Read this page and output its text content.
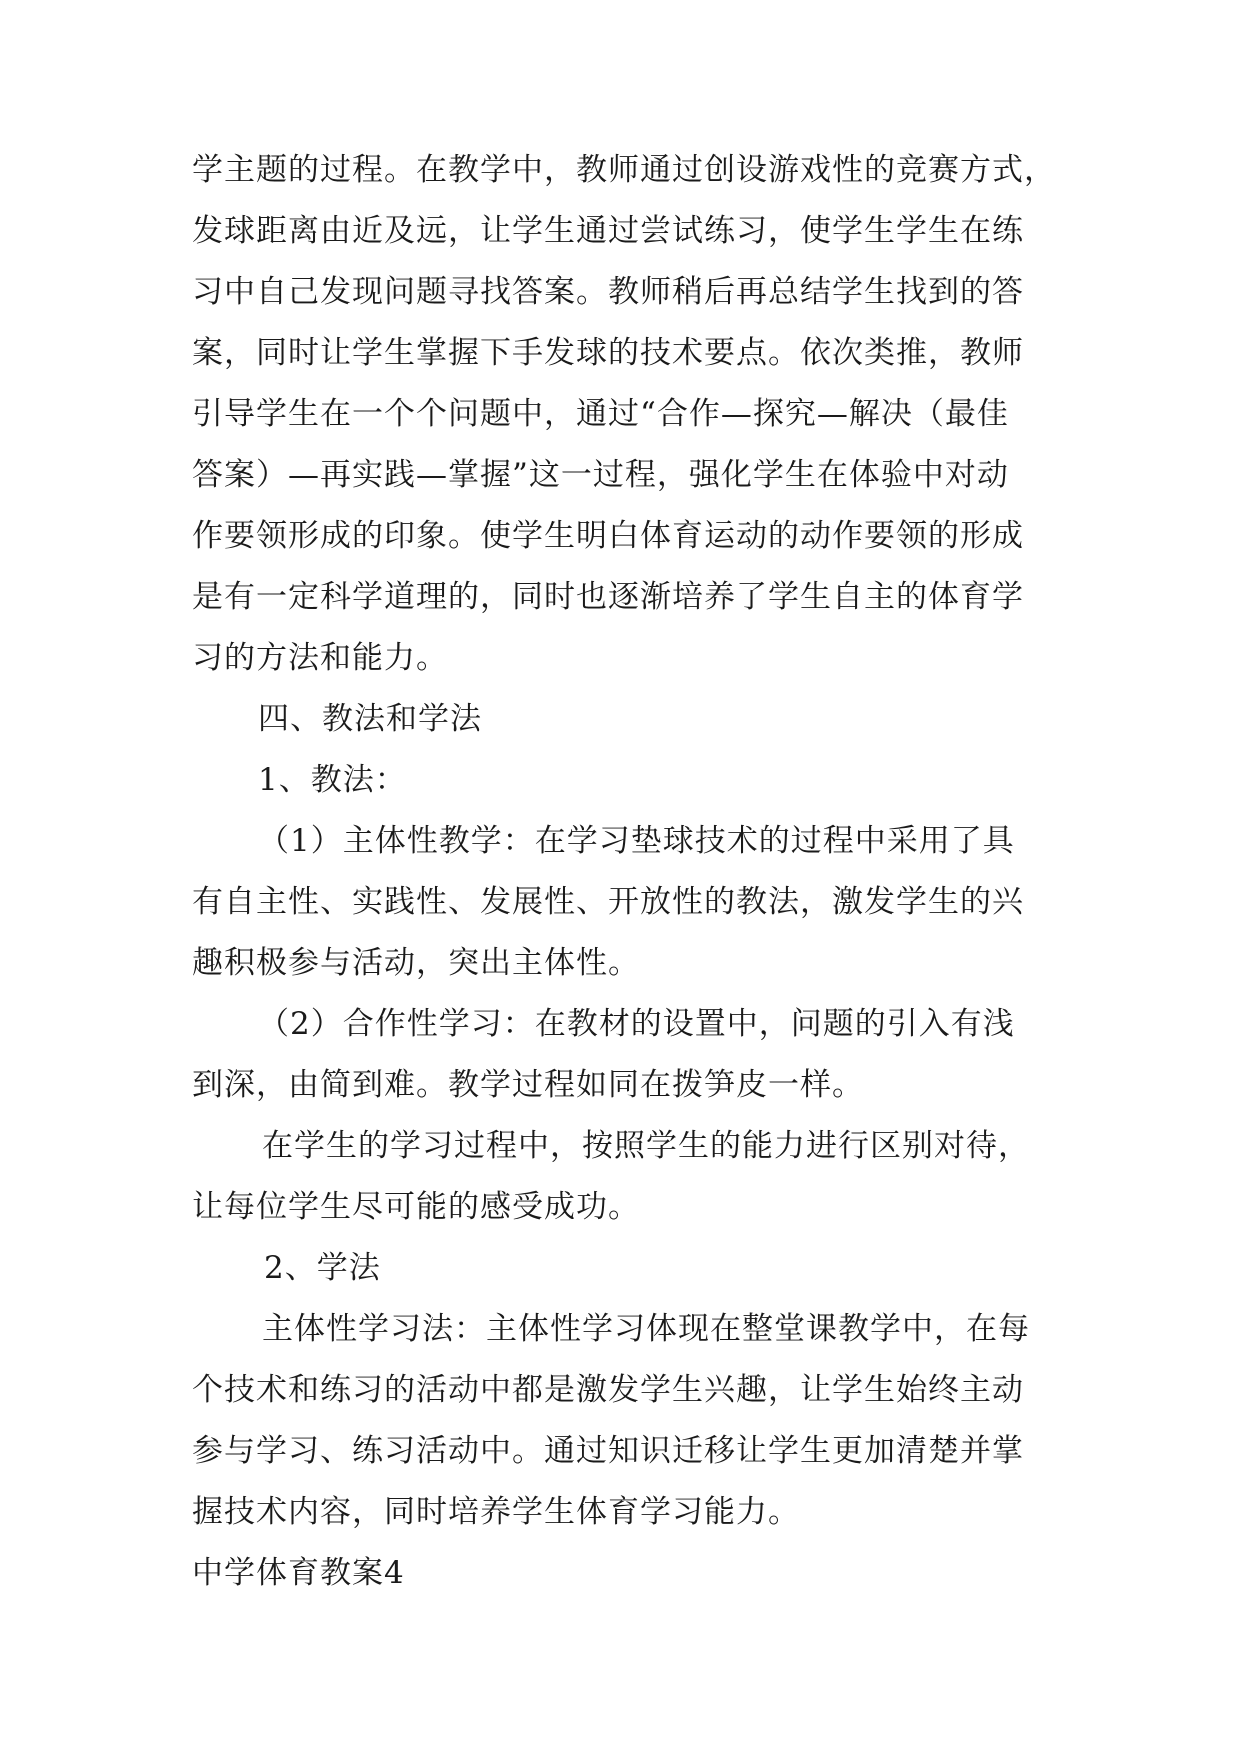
学主题的过程。在教学中，教师通过创设游戏性的竞赛方式，
发球距离由近及远，让学生通过尝试练习，使学生学生在练
习中自己发现问题寻找答案。教师稍后再总结学生找到的答
案，同时让学生掌握下手发球的技术要点。依次类推，教师
引导学生在一个个问题中，通过“合作—探究—解决（最佳
答案）—再实践—掌握”这一过程，强化学生在体验中对动
作要领形成的印象。使学生明白体育运动的动作要领的形成
是有一定科学道理的，同时也逐渐培养了学生自主的体育学
习的方法和能力。
四、教法和学法
1、教法：
（1）主体性教学：在学习垫球技术的过程中采用了具
有自主性、实践性、发展性、开放性的教法，激发学生的兴
趣积极参与活动，突出主体性。
（2）合作性学习：在教材的设置中，问题的引入有浅
到深，由简到难。教学过程如同在拨笋皮一样。
在学生的学习过程中，按照学生的能力进行区别对待，
让每位学生尽可能的感受成功。
2、学法
主体性学习法：主体性学习体现在整堂课教学中，在每
个技术和练习的活动中都是激发学生兴趣，让学生始终主动
参与学习、练习活动中。通过知识迁移让学生更加清楚并掌
握技术内容，同时培养学生体育学习能力。
中学体育教案4
